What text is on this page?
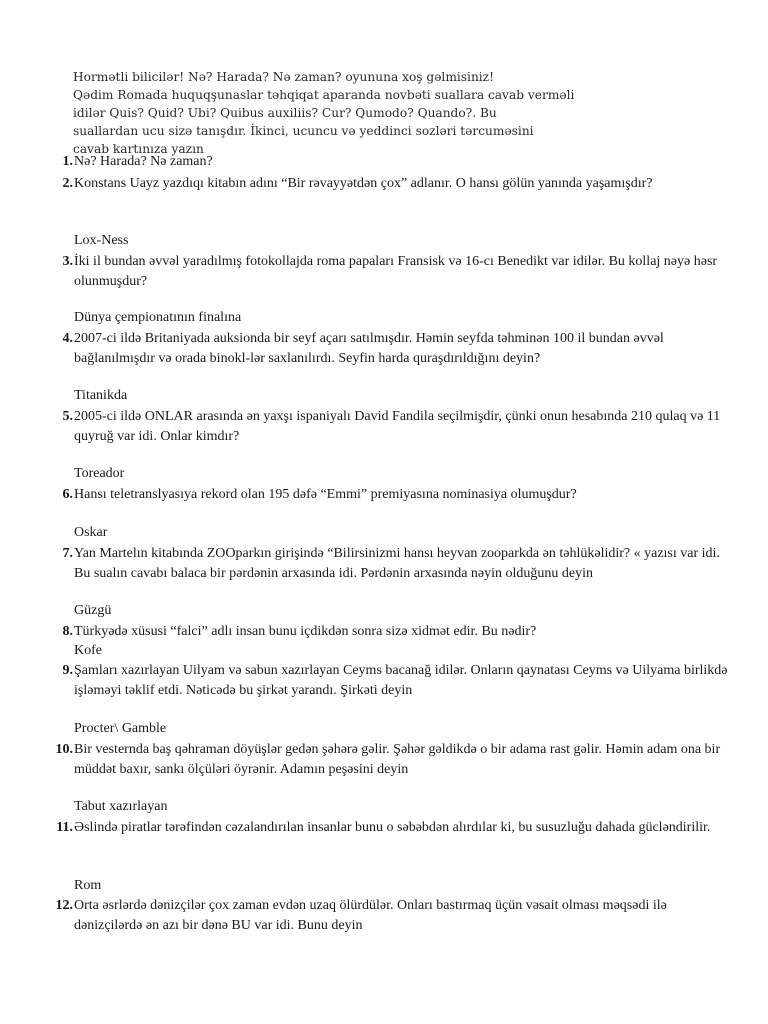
Hormətli bilicilər! Nə? Harada? Nə zaman? oyununa xoş gəlmisiniz!
Qədim Romada huquqşunaslar təhqiqat aparanda novbəti suallara cavab verməli
idilər Quis? Quid? Ubi? Quibus auxiliis? Cur? Qumodo? Quando?. Bu
suallardan ucu sizə tanışdır. İkinci, ucuncu və yeddinci sozləri tərcuməsini
cavab kartınıza yazın
1. Nə? Harada? Nə zaman?
2. Konstans Uayz yazdıqı kitabın adını “Bir rəvayyətdən çox” adlanır. O hansı gölün yanında yaşamışdır?
Lox-Ness
3. İki il bundan əvvəl yaradılmış fotokollajda roma papaları Fransisk və 16-cı Benedikt var idilər. Bu kollaj nəyə həsr olunmuşdur?
Dünya çempionatının finalına
4. 2007-ci ildə Britaniyada auksionda bir seyf açarı satılmışdır. Həmin seyfda təhminən 100 il bundan əvvəl bağlanılmışdır və orada binokl-lər saxlanılırdı. Seyfin harda quraşdırıldığını deyin?
Titanikda
5. 2005-ci ildə ONLAR arasında ən yaxşı ispaniyalı David Fandila seçilmişdir, çünki onun hesabında 210 qulaq və 11 quyruğ var idi. Onlar kimdır?
Toreador
6. Hansı teletranslyasıya rekord olan 195 dəfə “Emmi” premiyasına nominasiya olumuşdur?
Oskar
7. Yan Martelın kitabında ZOOparkın girişində “Bilirsinizmi hansı heyvan zooparkda ən təhlükəlidir? « yazısı var idi. Bu sualın cavabı balaca bir pərdənin arxasında idi. Pərdənin arxasında nəyin olduğunu deyin
Güzgü
8. Türkyədə xüsusi “falci” adlı insan bunu içdikdən sonra sizə xidmət edir. Bu nədir?
Kofe
9. Şamları xazırlayan Uilyam və sabun xazırlayan Ceyms bacanağ idilər. Onların qaynatası Ceyms və Uilyama birlikdə işləməyi təklif etdi. Nəticədə bu şirkət yarandı. Şirkəti deyin
Procter\ Gamble
10. Bir vesternda baş qəhraman döyüşlər gedən şəhərə gəlir. Şəhər gəldikdə o bir adama rast gəlir. Həmin adam ona bir müddət baxır, sankı ölçüləri öyrənir. Adamın peşəsini deyin
Tabut xazırlayan
11. Əslində piratlar tərəfindən cəzalandırılan insanlar bunu o səbəbdən alırdılar ki, bu susuzluğu dahada gücləndirilir.
Rom
12. Orta əsrlərdə dənizçilər çox zaman evdən uzaq ölürdülər. Onları bastırmaq üçün vəsait olması məqsədi ilə dənizçilərdə ən azı bir dənə BU var idi. Bunu deyin
